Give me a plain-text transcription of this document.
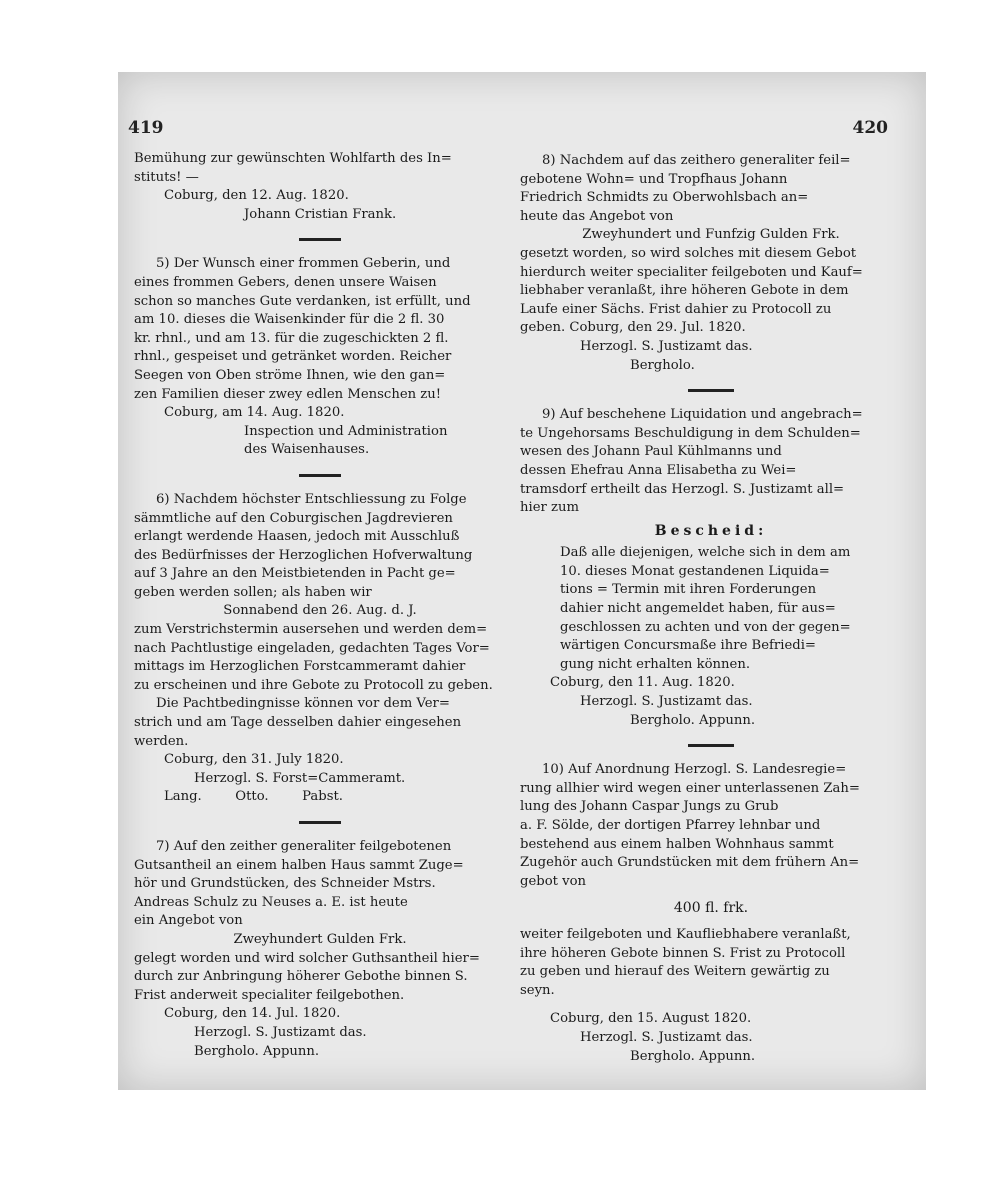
419	420

Bemühung zur gewünschten Wohlfarth des In=

stituts! —

Coburg, den 12. Aug. 1820.

Johann Cristian Frank.

5) Der Wunsch einer frommen Geberin, und

eines frommen Gebers, denen unsere Waisen

schon so manches Gute verdanken, ist erfüllt, und

am 10. dieses die Waisenkinder für die 2 fl. 30

kr. rhnl., und am 13. für die zugeschickten 2 fl.

rhnl., gespeiset und getränket worden. Reicher

Seegen von Oben ströme Ihnen, wie den gan=

zen Familien dieser zwey edlen Menschen zu!

Coburg, am 14. Aug. 1820.

Inspection und Administration

des Waisenhauses.

6) Nachdem höchster Entschliessung zu Folge

sämmtliche auf den Coburgischen Jagdrevieren

erlangt werdende Haasen, jedoch mit Ausschluß

des Bedürfnisses der Herzoglichen Hofverwaltung

auf 3 Jahre an den Meistbietenden in Pacht ge=

geben werden sollen; als haben wir

Sonnabend den 26. Aug. d. J.

zum Verstrichstermin ausersehen und werden dem=

nach Pachtlustige eingeladen, gedachten Tages Vor=

mittags im Herzoglichen Forstcammeramt dahier

zu erscheinen und ihre Gebote zu Protocoll zu geben.

Die Pachtbedingnisse können vor dem Ver=

strich und am Tage desselben dahier eingesehen

werden.

Coburg, den 31. July 1820.

Herzogl. S. Forst=Cammeramt.

Lang.        Otto.        Pabst.

7) Auf den zeither generaliter feilgebotenen

Gutsantheil an einem halben Haus sammt Zuge=

hör und Grundstücken, des Schneider Mstrs.

Andreas Schulz zu Neuses a. E. ist heute

ein Angebot von

Zweyhundert Gulden Frk.

gelegt worden und wird solcher Guthsantheil hier=

durch zur Anbringung höherer Gebothe binnen S.

Frist anderweit specialiter feilgebothen.

Coburg, den 14. Jul. 1820.

Herzogl. S. Justizamt das.

Bergholo. Appunn.

8) Nachdem auf das zeithero generaliter feil=

gebotene Wohn= und Tropfhaus Johann

Friedrich Schmidts zu Oberwohlsbach an=

heute das Angebot von

Zweyhundert und Funfzig Gulden Frk.

gesetzt worden, so wird solches mit diesem Gebot

hierdurch weiter specialiter feilgeboten und Kauf=

liebhaber veranlaßt, ihre höheren Gebote in dem

Laufe einer Sächs. Frist dahier zu Protocoll zu

geben. Coburg, den 29. Jul. 1820.

Herzogl. S. Justizamt das.

Bergholo.

9) Auf beschehene Liquidation und angebrach=

te Ungehorsams Beschuldigung in dem Schulden=

wesen des Johann Paul Kühlmanns und

dessen Ehefrau Anna Elisabetha zu Wei=

tramsdorf ertheilt das Herzogl. S. Justizamt all=

hier zum

Bescheid:

Daß alle diejenigen, welche sich in dem am

10. dieses Monat gestandenen Liquida=

tions = Termin mit ihren Forderungen

dahier nicht angemeldet haben, für aus=

geschlossen zu achten und von der gegen=

wärtigen Concursmaße ihre Befriedi=

gung nicht erhalten können.

Coburg, den 11. Aug. 1820.

Herzogl. S. Justizamt das.

Bergholo. Appunn.

10) Auf Anordnung Herzogl. S. Landesregie=

rung allhier wird wegen einer unterlassenen Zah=

lung des Johann Caspar Jungs zu Grub

a. F. Sölde, der dortigen Pfarrey lehnbar und

bestehend aus einem halben Wohnhaus sammt

Zugehör auch Grundstücken mit dem frühern An=

gebot von

400 fl. frk.

weiter feilgeboten und Kaufliebhabere veranlaßt,

ihre höheren Gebote binnen S. Frist zu Protocoll

zu geben und hierauf des Weitern gewärtig zu

seyn.

Coburg, den 15. August 1820.

Herzogl. S. Justizamt das.

Bergholo. Appunn.
